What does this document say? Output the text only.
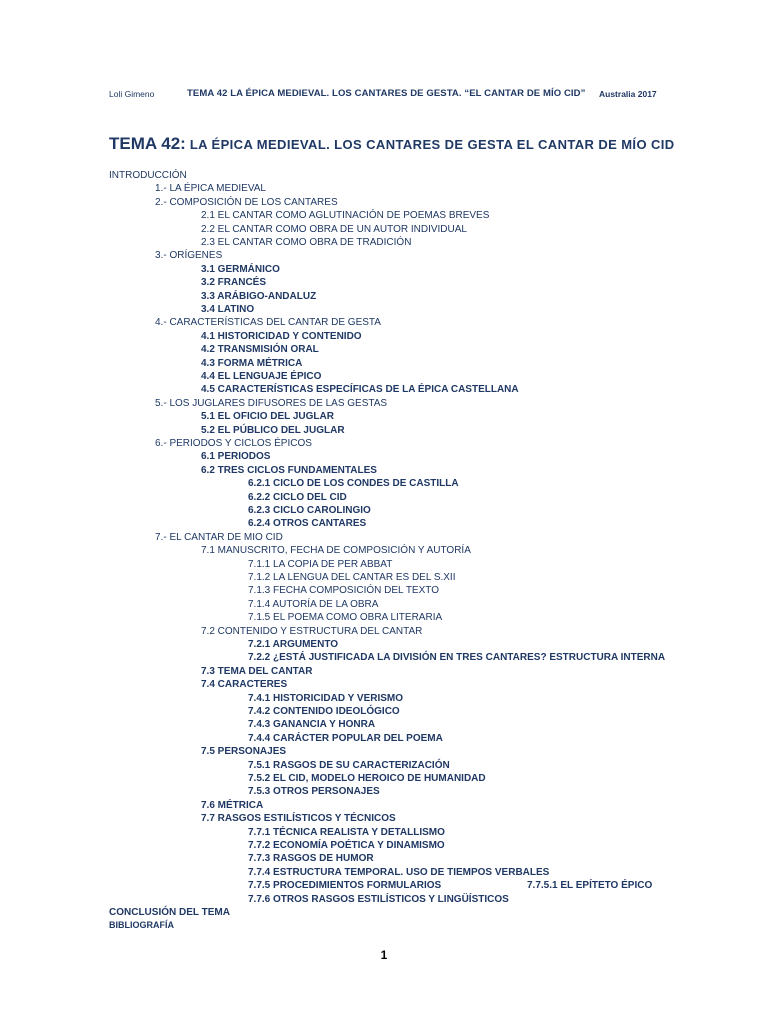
Loli Gimeno	TEMA 42 LA ÉPICA MEDIEVAL. LOS CANTARES DE GESTA. “EL CANTAR DE MÍO CID” Australia 2017
TEMA 42: LA ÉPICA MEDIEVAL. LOS CANTARES DE GESTA EL CANTAR DE MÍO CID
INTRODUCCIÓN
1.- LA ÉPICA MEDIEVAL
2.- COMPOSICIÓN DE LOS CANTARES
2.1 EL CANTAR COMO AGLUTINACIÓN DE POEMAS BREVES
2.2 EL CANTAR COMO OBRA DE UN AUTOR INDIVIDUAL
2.3 EL CANTAR COMO OBRA DE TRADICIÓN
3.- ORÍGENES
3.1 GERMÁNICO
3.2 FRANCÉS
3.3 ARÁBIGO-ANDALUZ
3.4 LATINO
4.- CARACTERÍSTICAS DEL CANTAR DE GESTA
4.1 HISTORICIDAD Y CONTENIDO
4.2 TRANSMISIÓN ORAL
4.3 FORMA MÉTRICA
4.4 EL LENGUAJE ÉPICO
4.5 CARACTERÍSTICAS ESPECÍFICAS DE LA ÉPICA CASTELLANA
5.- LOS JUGLARES DIFUSORES DE LAS GESTAS
5.1 EL OFICIO DEL JUGLAR
5.2 EL PÚBLICO DEL JUGLAR
6.- PERIODOS Y CICLOS ÉPICOS
6.1 PERIODOS
6.2 TRES CICLOS FUNDAMENTALES
6.2.1 CICLO DE LOS CONDES DE CASTILLA
6.2.2 CICLO DEL CID
6.2.3 CICLO CAROLINGIO
6.2.4 OTROS CANTARES
7.- EL CANTAR DE MIO CID
7.1 MANUSCRITO, FECHA DE COMPOSICIÓN Y AUTORÍA
7.1.1 LA COPIA DE PER ABBAT
7.1.2 LA LENGUA DEL CANTAR ES DEL S.XII
7.1.3 FECHA COMPOSICIÓN DEL TEXTO
7.1.4 AUTORÍA DE LA OBRA
7.1.5 EL POEMA COMO OBRA LITERARIA
7.2 CONTENIDO Y ESTRUCTURA DEL CANTAR
7.2.1 ARGUMENTO
7.2.2 ¿ESTÁ JUSTIFICADA LA DIVISIÓN EN TRES CANTARES? ESTRUCTURA INTERNA
7.3 TEMA DEL CANTAR
7.4 CARACTERES
7.4.1 HISTORICIDAD Y VERISMO
7.4.2 CONTENIDO IDEOLÓGICO
7.4.3 GANANCIA Y HONRA
7.4.4 CARÁCTER POPULAR DEL POEMA
7.5 PERSONAJES
7.5.1 RASGOS DE SU CARACTERIZACIÓN
7.5.2 EL CID, MODELO HEROICO DE HUMANIDAD
7.5.3 OTROS PERSONAJES
7.6 MÉTRICA
7.7 RASGOS ESTILÍSTICOS Y TÉCNICOS
7.7.1 TÉCNICA REALISTA Y DETALLISMO
7.7.2 ECONOMÍA POÉTICA Y DINAMISMO
7.7.3 RASGOS DE HUMOR
7.7.4 ESTRUCTURA TEMPORAL. USO DE TIEMPOS VERBALES
7.7.5 PROCEDIMIENTOS FORMULARIOS	7.7.5.1 EL EPÍTETO ÉPICO
7.7.6 OTROS RASGOS ESTILÍSTICOS Y LINGÜÍSTICOS
CONCLUSIÓN DEL TEMA
BIBLIOGRAFÍA
1
